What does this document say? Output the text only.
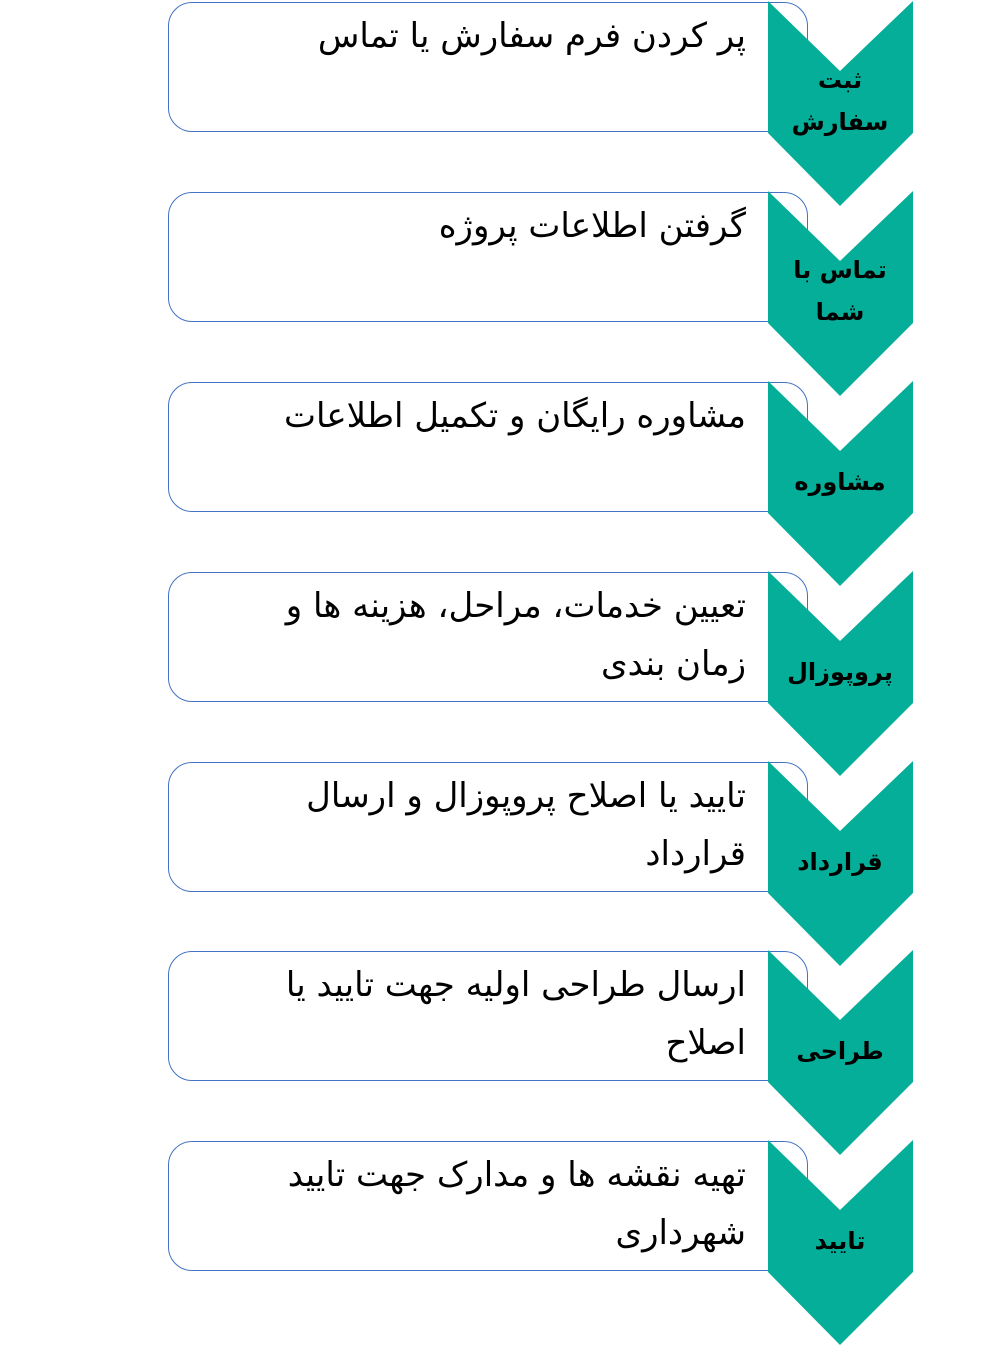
پر کردن فرم سفارش یا تماس
ثبت
سفارش
گرفتن اطلاعات پروژه
تماس با
شما
مشاوره رایگان و تکمیل اطلاعات
مشاوره
تعیین خدمات، مراحل، هزینه ها و
زمان بندی	پروپوزال
تایید یا اصلاح پروپوزال و ارسال
قرارداد	قرارداد
ارسال طراحی اولیه جهت تایید یا
اصلاح	طراحی
تهیه نقشه ها و مدارک جهت تایید
شهرداری	تایید
